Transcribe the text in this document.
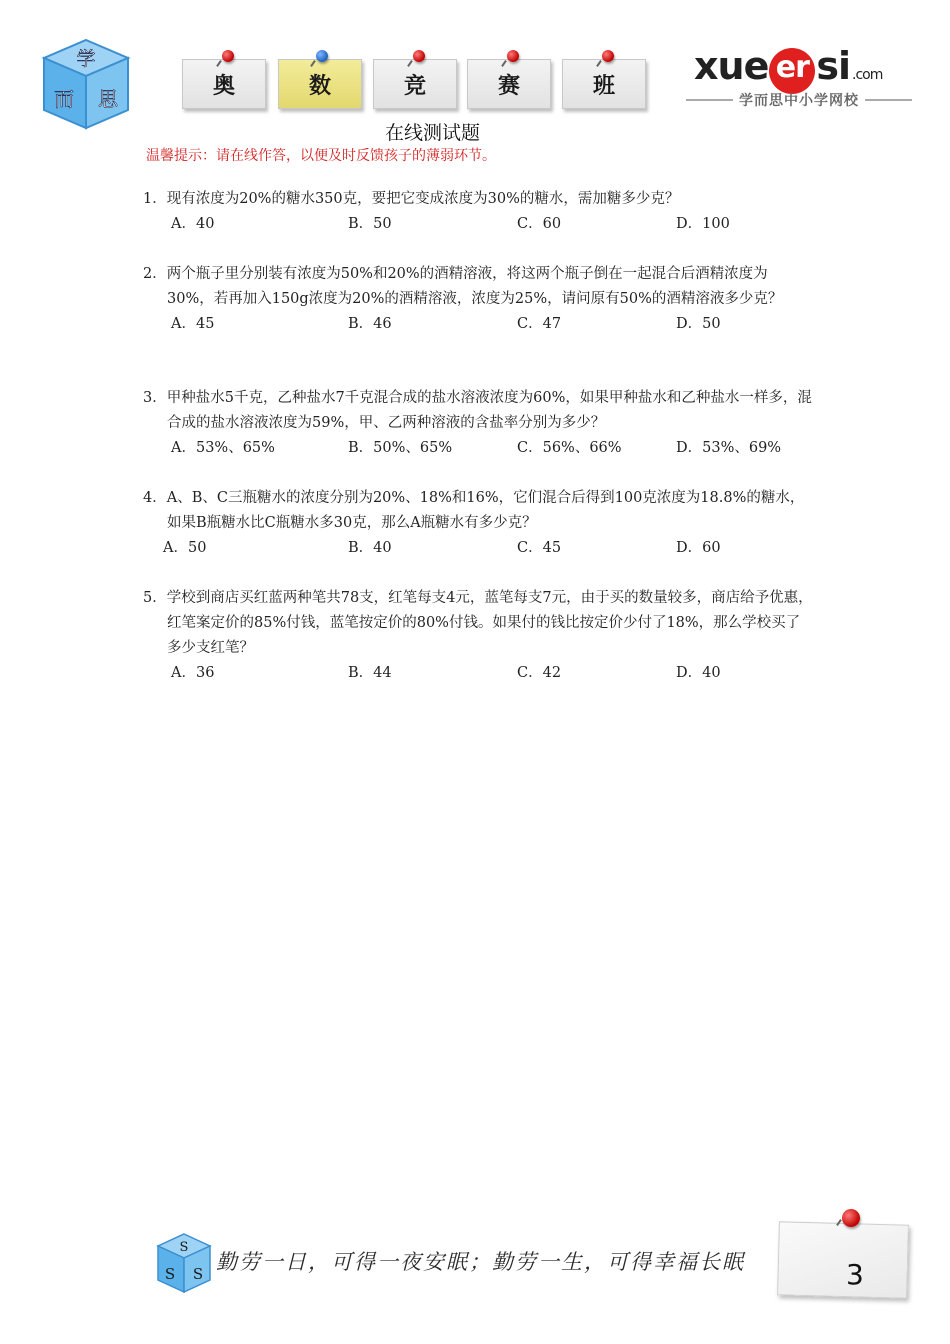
学
而 思
奥	数	竞	赛	班 xue er si .com
学而思中小学网校
在线测试题
温馨提示：请在线作答，以便及时反馈孩子的薄弱环节。
1．现有浓度为20%的糖水350克，要把它变成浓度为30%的糖水，需加糖多少克？
A．40	B．50	C．60	D．100
2．两个瓶子里分别装有浓度为50%和20%的酒精溶液，将这两个瓶子倒在一起混合后酒精浓度为30%，若再加入150g浓度为20%的酒精溶液，浓度为25%，请问原有50%的酒精溶液多少克？
A．45	B．46	C．47	D．50
3．甲种盐水5千克，乙种盐水7千克混合成的盐水溶液浓度为60%，如果甲种盐水和乙种盐水一样多，混合成的盐水溶液浓度为59%，甲、乙两种溶液的含盐率分别为多少？
A．53%、65%	B．50%、65%	C．56%、66%	D．53%、69%
4．A、B、C三瓶糖水的浓度分别为20%、18%和16%，它们混合后得到100克浓度为18.8%的糖水，如果B瓶糖水比C瓶糖水多30克，那么A瓶糖水有多少克？
A．50	B．40	C．45	D．60
5．学校到商店买红蓝两种笔共78支，红笔每支4元，蓝笔每支7元，由于买的数量较多，商店给予优惠，红笔案定价的85%付钱，蓝笔按定价的80%付钱。如果付的钱比按定价少付了18%，那么学校买了多少支红笔？
A．36	B．44	C．42	D．40
S
S S 勤劳一日，可得一夜安眠；勤劳一生，可得幸福长眠	3
